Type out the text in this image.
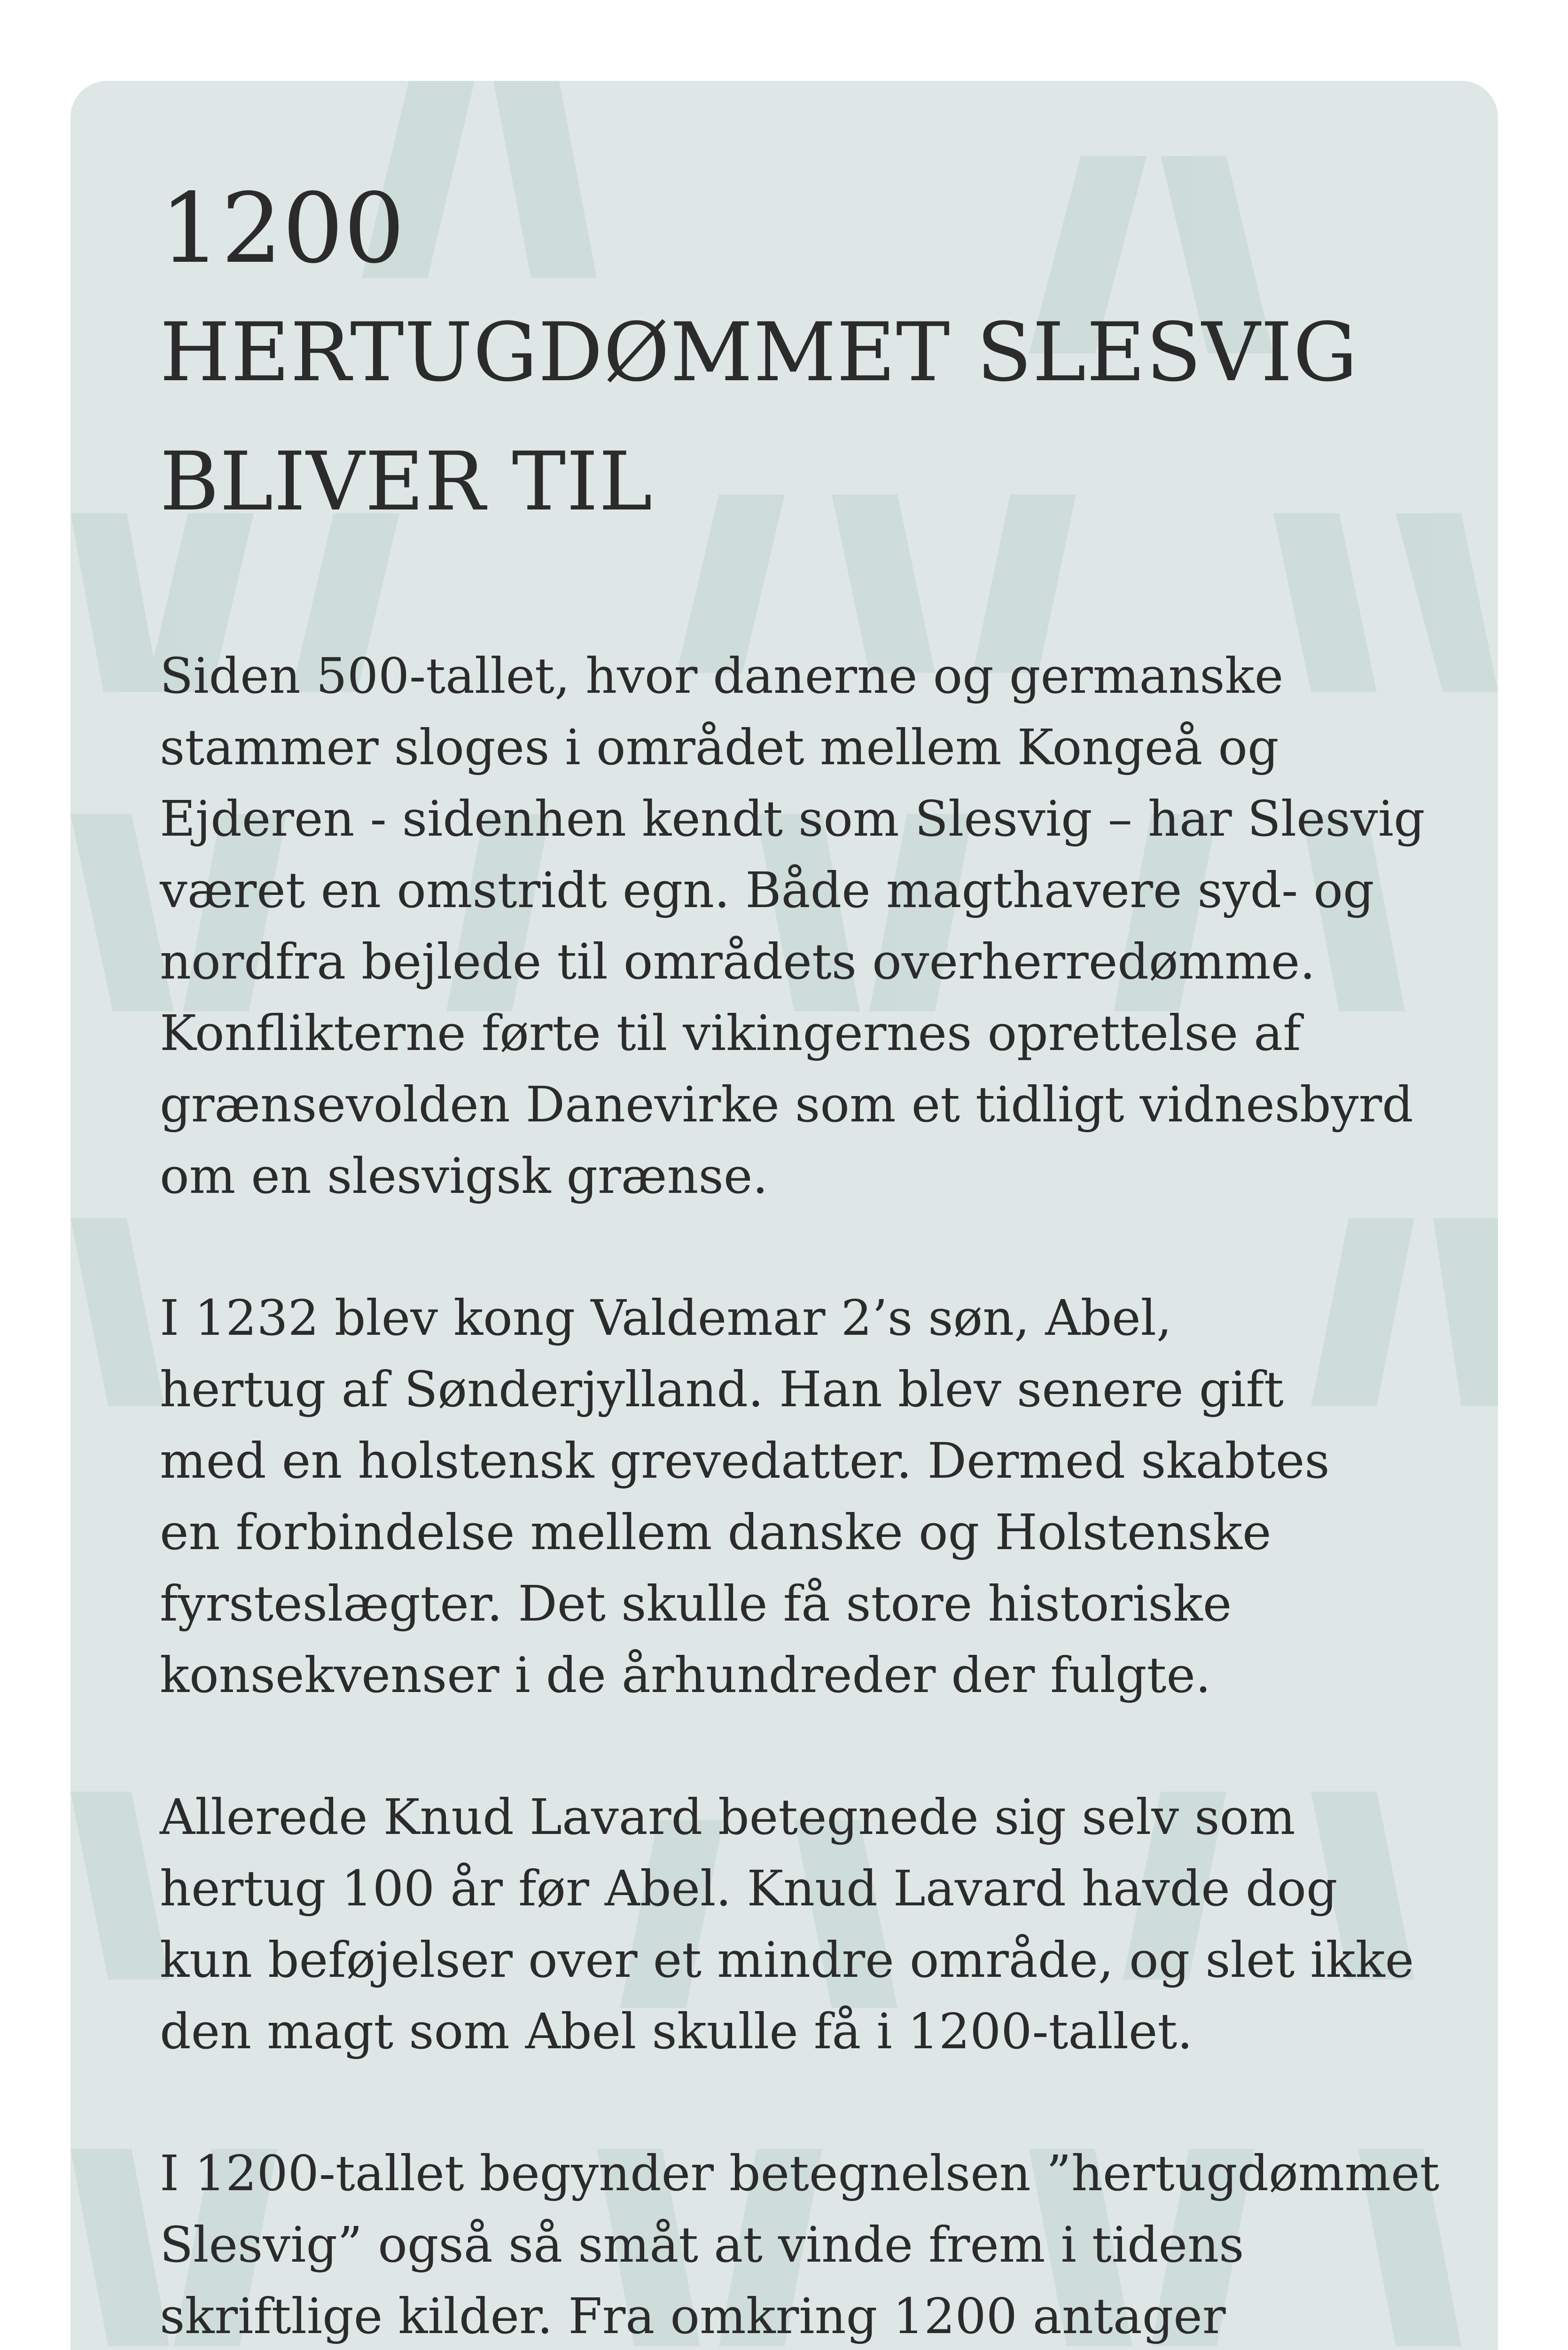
1200
HERTUGDØMMET SLESVIG
BLIVER TIL

Siden 500-tallet, hvor danerne og germanske
stammer sloges i området mellem Kongeå og
Ejderen - sidenhen kendt som Slesvig – har Slesvig
været en omstridt egn. Både magthavere syd- og
nordfra bejlede til områdets overherredømme.
Konflikterne førte til vikingernes oprettelse af
grænsevolden Danevirke som et tidligt vidnesbyrd
om en slesvigsk grænse.

I 1232 blev kong Valdemar 2’s søn, Abel,
hertug af Sønderjylland. Han blev senere gift
med en holstensk grevedatter. Dermed skabtes
en forbindelse mellem danske og Holstenske
fyrsteslægter. Det skulle få store historiske
konsekvenser i de århundreder der fulgte.

Allerede Knud Lavard betegnede sig selv som
hertug 100 år før Abel. Knud Lavard havde dog
kun beføjelser over et mindre område, og slet ikke
den magt som Abel skulle få i 1200-tallet.

I 1200-tallet begynder betegnelsen ”hertugdømmet
Slesvig” også så småt at vinde frem i tidens
skriftlige kilder. Fra omkring 1200 antager
